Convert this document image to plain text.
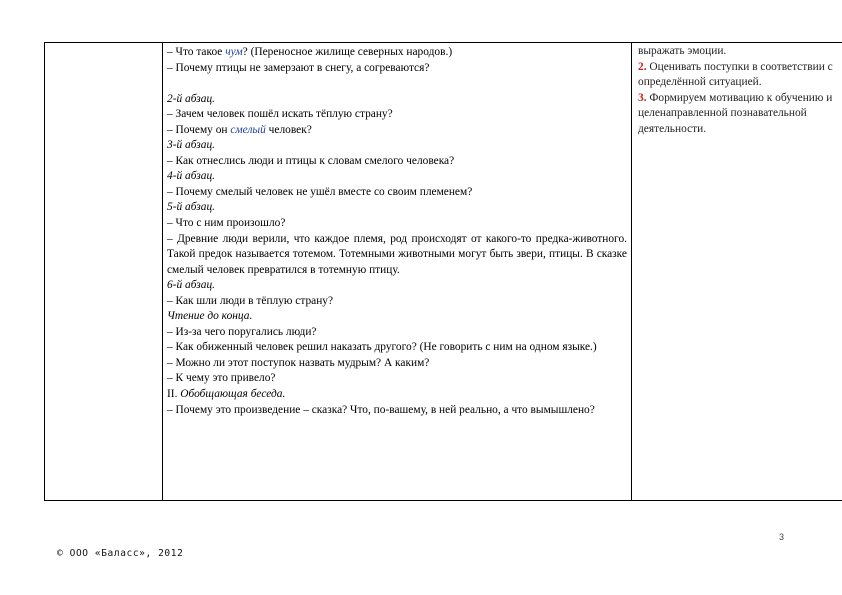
– Что такое чум? (Переносное жилище северных народов.)
– Почему птицы не замерзают в снегу, а согреваются?
2-й абзац.
– Зачем человек пошёл искать тёплую страну?
– Почему он смелый человек?
3-й абзац.
– Как отнеслись люди и птицы к словам смелого человека?
4-й абзац.
– Почему смелый человек не ушёл вместе со своим племенем?
5-й абзац.
– Что с ним произошло?
– Древние люди верили, что каждое племя, род происходят от какого-то предка-животного. Такой предок называется тотемом. Тотемными животными могут быть звери, птицы. В сказке смелый человек превратился в тотемную птицу.
6-й абзац.
– Как шли люди в тёплую страну?
Чтение до конца.
– Из-за чего поругались люди?
– Как обиженный человек решил наказать другого? (Не говорить с ним на одном языке.)
– Можно ли этот поступок назвать мудрым? А каким?
– К чему это привело?
II. Обобщающая беседа.
– Почему это произведение – сказка? Что, по-вашему, в ней реально, а что вымышлено?

выражать эмоции.
2. Оценивать поступки в соответствии с определённой ситуацией.
3. Формируем мотивацию к обучению и целенаправленной познавательной деятельности.
3
© ООО «Баласс», 2012
